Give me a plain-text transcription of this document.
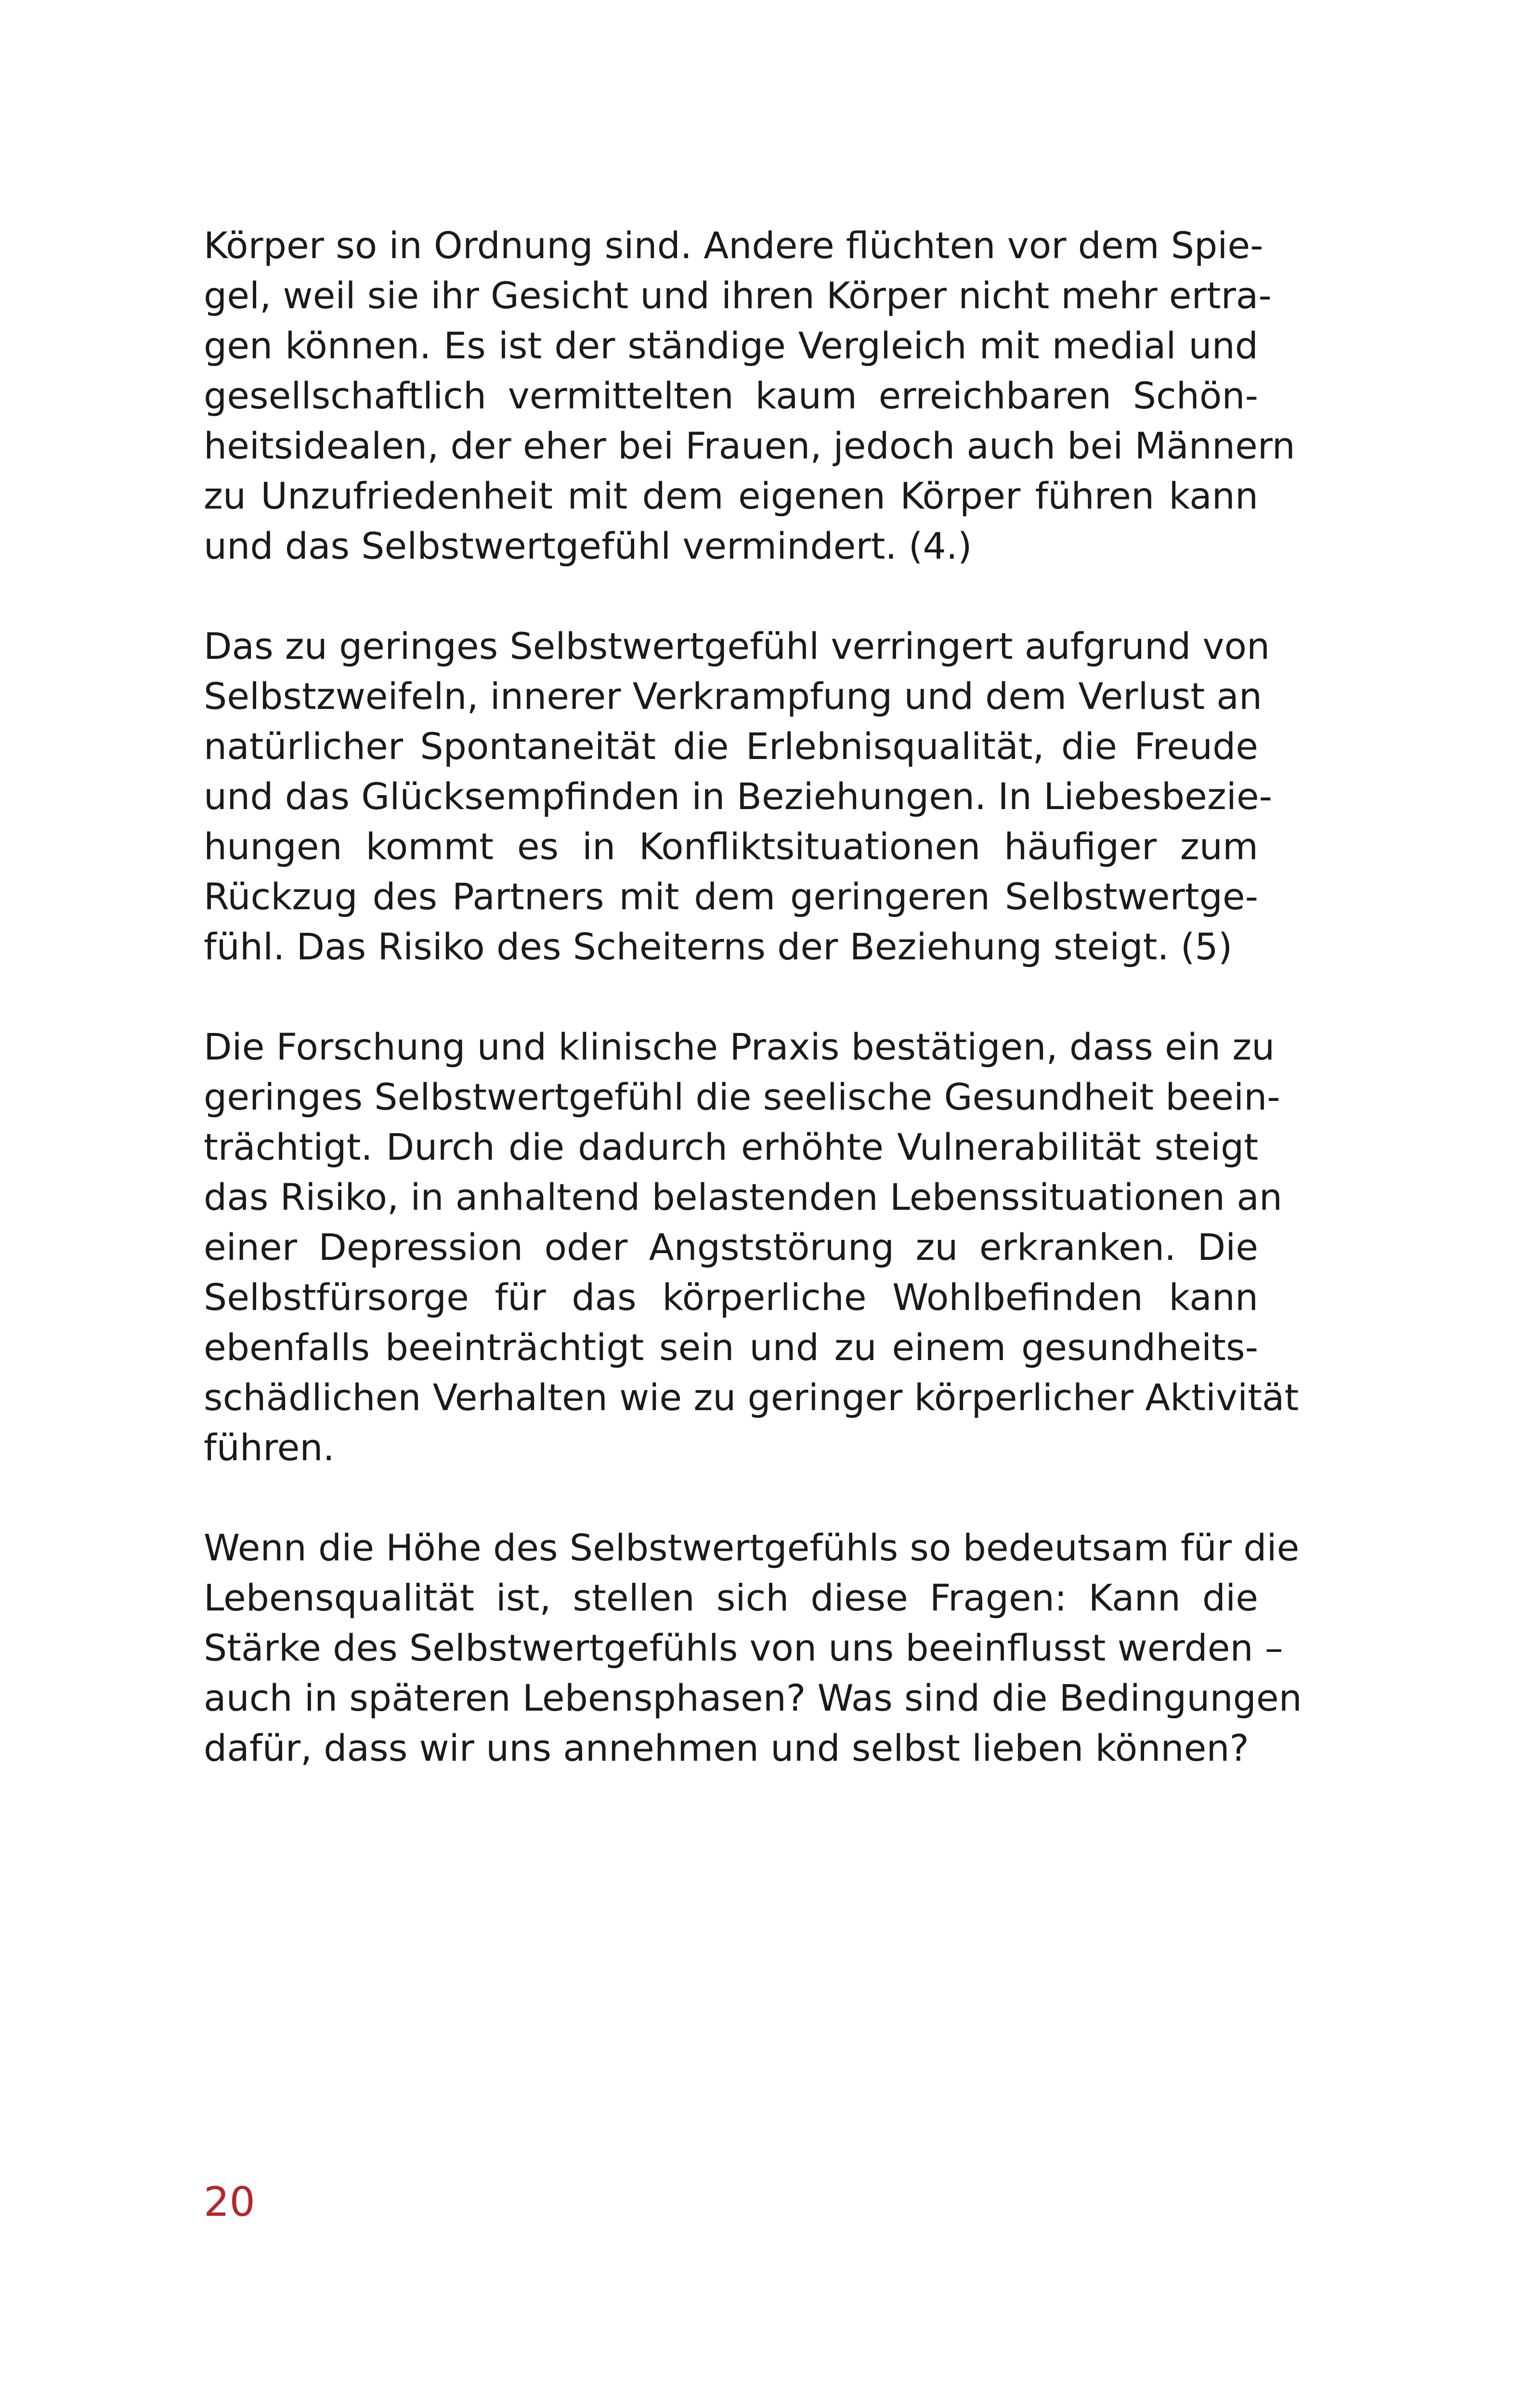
Körper so in Ordnung sind. Andere flüchten vor dem Spie-
gel, weil sie ihr Gesicht und ihren Körper nicht mehr ertra-
gen können. Es ist der ständige Vergleich mit medial und
gesellschaftlich vermittelten kaum erreichbaren Schön-
heitsidealen, der eher bei Frauen, jedoch auch bei Männern
zu Unzufriedenheit mit dem eigenen Körper führen kann
und das Selbstwertgefühl vermindert. (4.)

Das zu geringes Selbstwertgefühl verringert aufgrund von
Selbstzweifeln, innerer Verkrampfung und dem Verlust an
natürlicher Spontaneität die Erlebnisqualität, die Freude
und das Glücksempfinden in Beziehungen. In Liebesbezie-
hungen kommt es in Konfliktsituationen häufiger zum
Rückzug des Partners mit dem geringeren Selbstwertge-
fühl. Das Risiko des Scheiterns der Beziehung steigt. (5)

Die Forschung und klinische Praxis bestätigen, dass ein zu
geringes Selbstwertgefühl die seelische Gesundheit beein-
trächtigt. Durch die dadurch erhöhte Vulnerabilität steigt
das Risiko, in anhaltend belastenden Lebenssituationen an
einer Depression oder Angststörung zu erkranken. Die
Selbstfürsorge für das körperliche Wohlbefinden kann
ebenfalls beeinträchtigt sein und zu einem gesundheits-
schädlichen Verhalten wie zu geringer körperlicher Aktivität
führen.

Wenn die Höhe des Selbstwertgefühls so bedeutsam für die
Lebensqualität ist, stellen sich diese Fragen: Kann die
Stärke des Selbstwertgefühls von uns beeinflusst werden –
auch in späteren Lebensphasen? Was sind die Bedingungen
dafür, dass wir uns annehmen und selbst lieben können?

20
